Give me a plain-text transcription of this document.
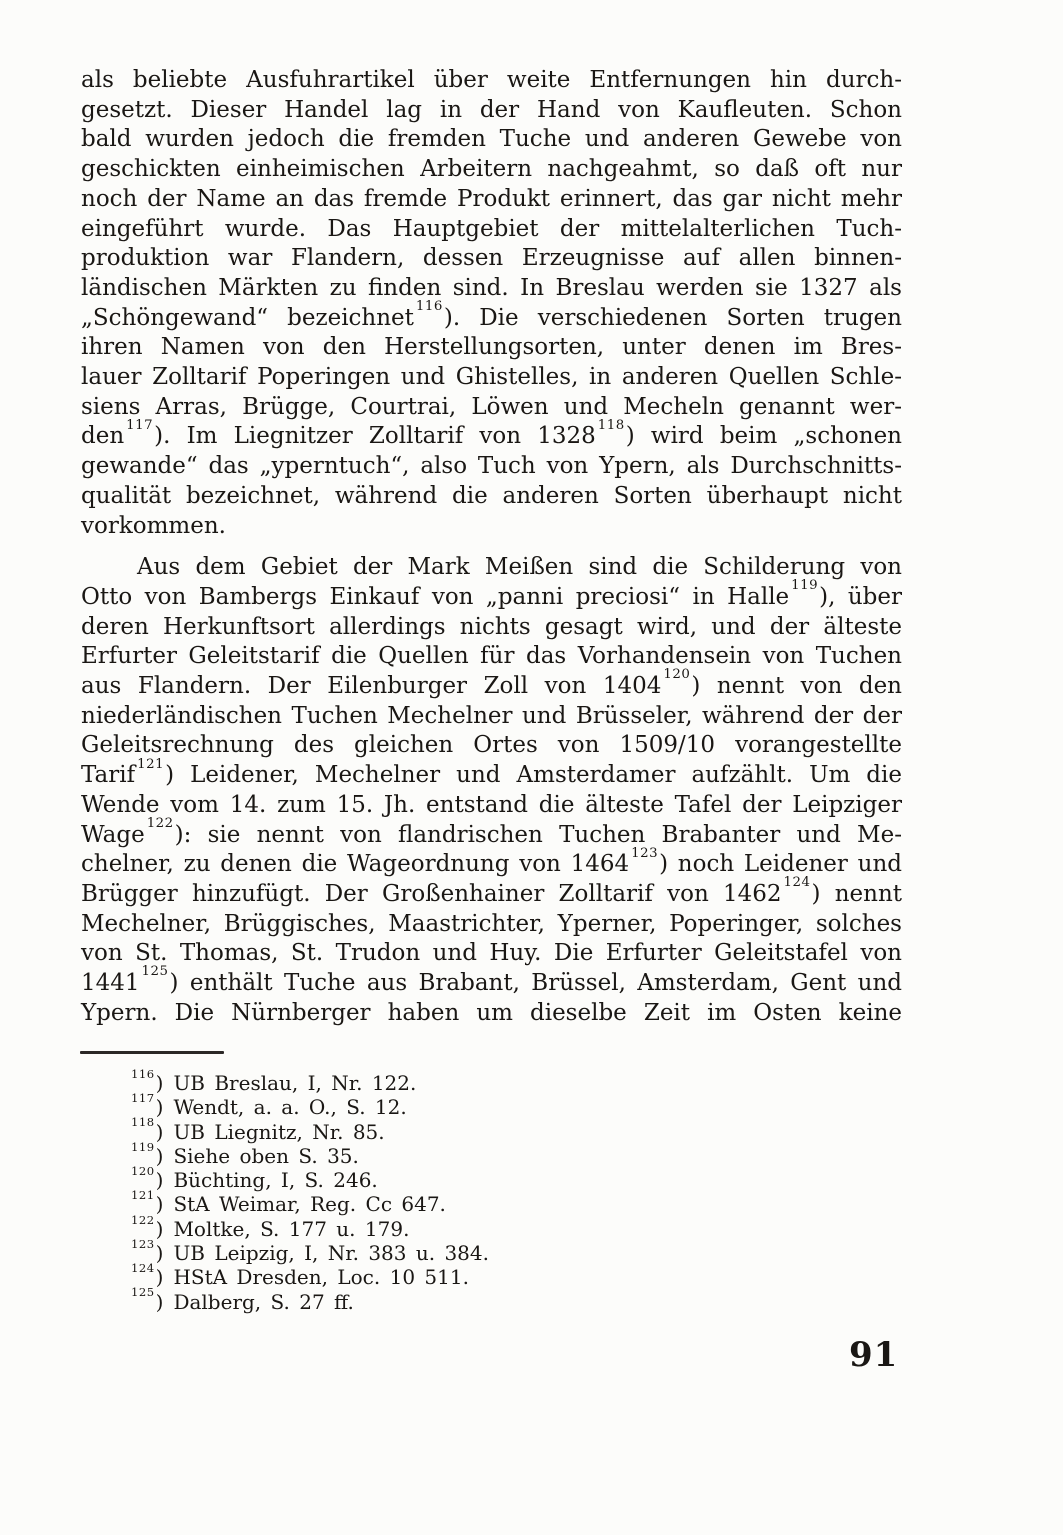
als beliebte Ausfuhrartikel über weite Entfernungen hin durch-
gesetzt. Dieser Handel lag in der Hand von Kaufleuten. Schon
bald wurden jedoch die fremden Tuche und anderen Gewebe von
geschickten einheimischen Arbeitern nachgeahmt, so daß oft nur
noch der Name an das fremde Produkt erinnert, das gar nicht mehr
eingeführt wurde. Das Hauptgebiet der mittelalterlichen Tuch-
produktion war Flandern, dessen Erzeugnisse auf allen binnen-
ländischen Märkten zu finden sind. In Breslau werden sie 1327 als
„Schöngewand“ bezeichnet $^{116}$). Die verschiedenen Sorten trugen
ihren Namen von den Herstellungsorten, unter denen im Bres-
lauer Zolltarif Poperingen und Ghistelles, in anderen Quellen Schle-
siens Arras, Brügge, Courtrai, Löwen und Mecheln genannt wer-
den $^{117}$). Im Liegnitzer Zolltarif von 1328 $^{118}$) wird beim „schonen
gewande“ das „yperntuch“, also Tuch von Ypern, als Durchschnitts-
qualität bezeichnet, während die anderen Sorten überhaupt nicht
vorkommen.
Aus dem Gebiet der Mark Meißen sind die Schilderung von
Otto von Bambergs Einkauf von „panni preciosi“ in Halle $^{119}$), über
deren Herkunftsort allerdings nichts gesagt wird, und der älteste
Erfurter Geleitstarif die Quellen für das Vorhandensein von Tuchen
aus Flandern. Der Eilenburger Zoll von 1404 $^{120}$) nennt von den
niederländischen Tuchen Mechelner und Brüsseler, während der der
Geleitsrechnung des gleichen Ortes von 1509/10 vorangestellte
Tarif $^{121}$) Leidener, Mechelner und Amsterdamer aufzählt. Um die
Wende vom 14. zum 15. Jh. entstand die älteste Tafel der Leipziger
Wage $^{122}$): sie nennt von flandrischen Tuchen Brabanter und Me-
chelner, zu denen die Wageordnung von 1464 $^{123}$) noch Leidener und
Brügger hinzufügt. Der Großenhainer Zolltarif von 1462 $^{124}$) nennt
Mechelner, Brüggisches, Maastrichter, Yperner, Poperinger, solches
von St. Thomas, St. Trudon und Huy. Die Erfurter Geleitstafel von
1441 $^{125}$) enthält Tuche aus Brabant, Brüssel, Amsterdam, Gent und
Ypern. Die Nürnberger haben um dieselbe Zeit im Osten keine
$^{116}$) UB Breslau, I, Nr. 122.
$^{117}$) Wendt, a. a. O., S. 12.
$^{118}$) UB Liegnitz, Nr. 85.
$^{119}$) Siehe oben S. 35.
$^{120}$) Büchting, I, S. 246.
$^{121}$) StA Weimar, Reg. Cc 647.
$^{122}$) Moltke, S. 177 u. 179.
$^{123}$) UB Leipzig, I, Nr. 383 u. 384.
$^{124}$) HStA Dresden, Loc. 10 511.
$^{125}$) Dalberg, S. 27 ff.
91
